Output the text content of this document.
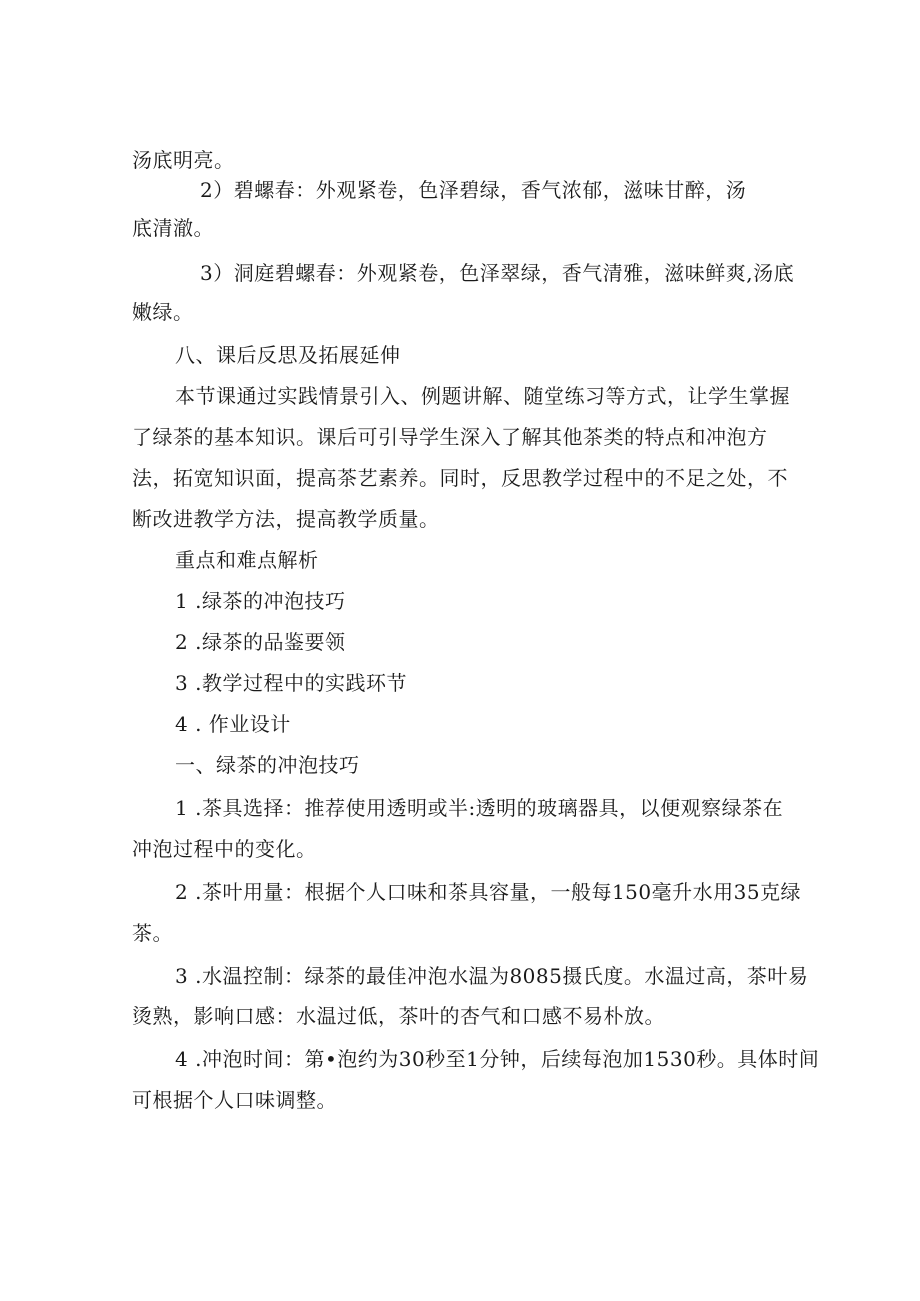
汤底明亮。
2）碧螺春：外观紧卷，色泽碧绿，香气浓郁，滋味甘醉，汤
底清澈。
3）洞庭碧螺春：外观紧卷，色泽翠绿，香气清雅，滋味鲜爽,汤底
嫩绿。
八、课后反思及拓展延伸
本节课通过实践情景引入、例题讲解、随堂练习等方式，让学生掌握
了绿茶的基本知识。课后可引导学生深入了解其他茶类的特点和冲泡方
法，拓宽知识面，提高茶艺素养。同时，反思教学过程中的不足之处，不
断改进教学方法，提高教学质量。
重点和难点解析
1 .绿茶的冲泡技巧
2 .绿茶的品鉴要领
3 .教学过程中的实践环节
4 . 作业设计
一、绿茶的冲泡技巧
1 .茶具选择：推荐使用透明或半:透明的玻璃器具，以便观察绿茶在
冲泡过程中的变化。
2 .茶叶用量：根据个人口味和茶具容量，一般每150毫升水用35克绿
茶。
3 .水温控制：绿茶的最佳冲泡水温为8085摄氏度。水温过高，茶叶易
烫熟，影响口感：水温过低，茶叶的杏气和口感不易朴放。
4 .冲泡时间：第•泡约为30秒至1分钟，后续每泡加1530秒。具体时间
可根据个人口味调整。
